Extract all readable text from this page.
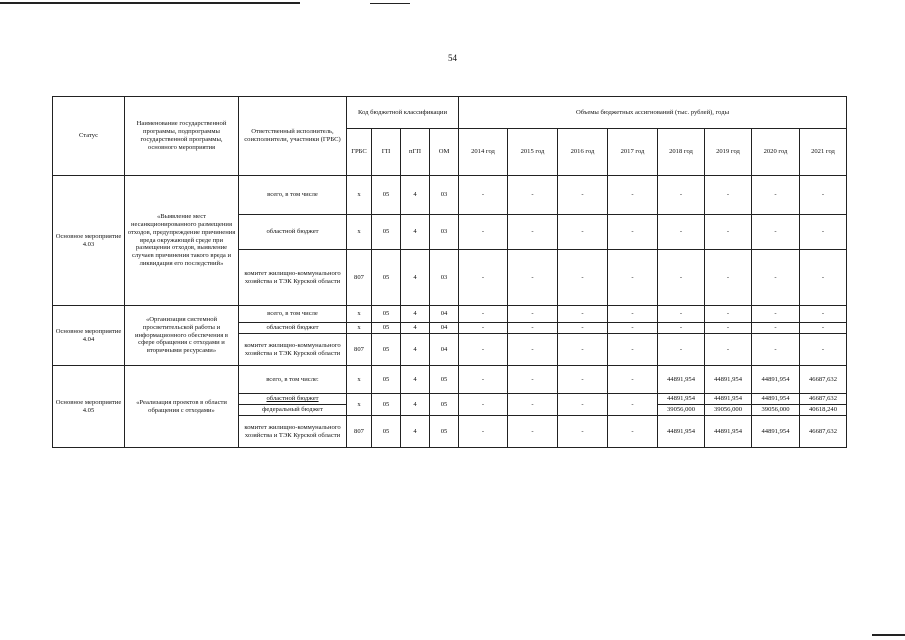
54
Статус	Наименование государственной программы, подпрограммы государственной программы, основного мероприятия	Ответственный исполнитель, соисполнители, участники (ГРБС)	Код бюджетной классификации				Объемы бюджетных ассигнований (тыс. рублей), годы							
			ГРБС	ГП	пГП	ОМ	2014 год	2015 год	2016 год	2017 год	2018 год	2019 год	2020 год	2021 год
Основное мероприятие 4.03	«Выявление мест несанкционированного размещения отходов, предупреждение причинения вреда окружающей среде при размещении отходов, выявление случаев причинения такого вреда и ликвидация его последствий»	всего, в том числе	х	05	4	03	-	-	-	-	-	-	-	-
		областной бюджет	х	05	4	03	-	-	-	-	-	-	-	-
		комитет жилищно-коммунального хозяйства и ТЭК Курской области	807	05	4	03	-	-	-	-	-	-	-	-
Основное мероприятие 4.04	«Организация системной просветительской работы и информационного обеспечения в сфере обращения с отходами и вторичными ресурсами»	всего, в том числе	х	05	4	04	-	-	-	-	-	-	-	-
		областной бюджет	х	05	4	04	-	-	-	-	-	-	-	-
		комитет жилищно-коммунального хозяйства и ТЭК Курской области	807	05	4	04	-	-	-	-	-	-	-	-
Основное мероприятие 4.05	«Реализация проектов в области обращения с отходами»	всего, в том числе:	х	05	4	05	-	-	-	-	44891,954	44891,954	44891,954	46687,632
		областной бюджет	х	05	4	05	-	-	-	-	44891,954	44891,954	44891,954	46687,632
		федеральный бюджет									39056,000	39056,000	39056,000	40618,240
		комитет жилищно-коммунального хозяйства и ТЭК Курской области	807	05	4	05	-	-	-	-	44891,954	44891,954	44891,954	46687,632
